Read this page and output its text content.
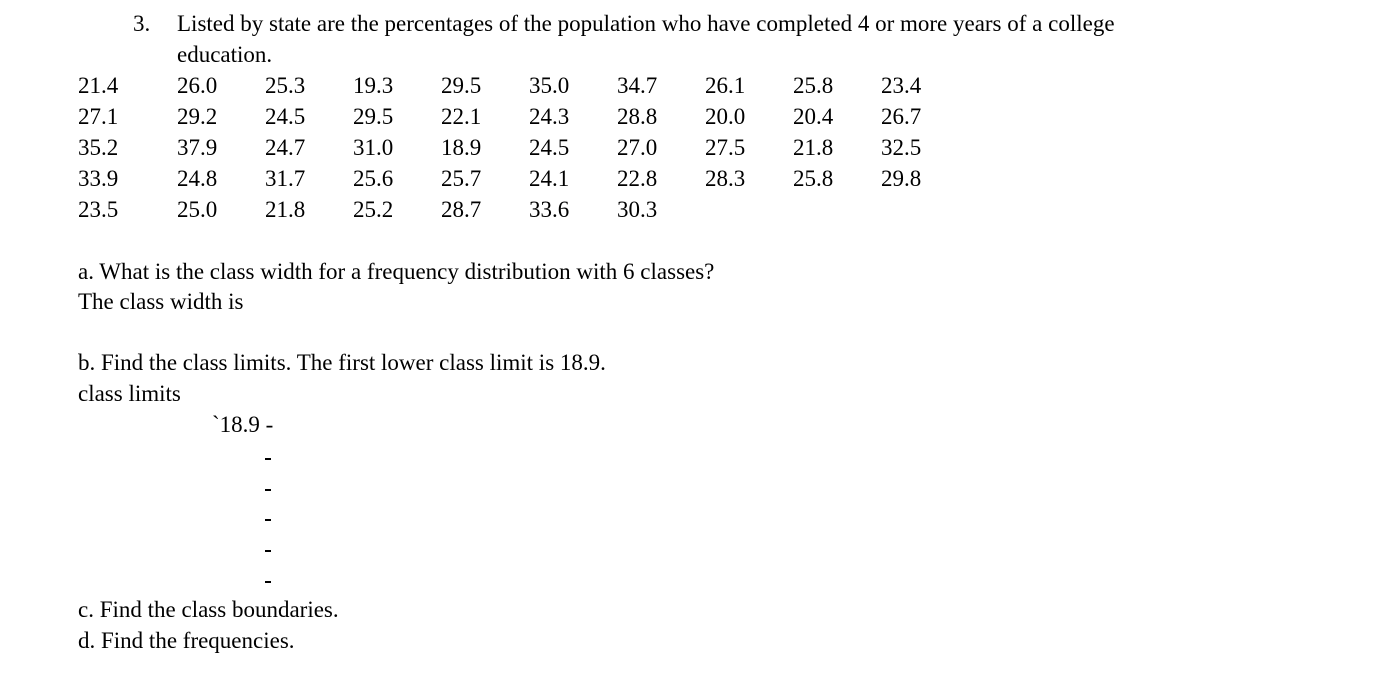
3. Listed by state are the percentages of the population who have completed 4 or more years of a college
education.
21.4	26.0	25.3	19.3	29.5	35.0	34.7	26.1	25.8	23.4
27.1	29.2	24.5	29.5	22.1	24.3	28.8	20.0	20.4	26.7
35.2	37.9	24.7	31.0	18.9	24.5	27.0	27.5	21.8	32.5
33.9	24.8	31.7	25.6	25.7	24.1	22.8	28.3	25.8	29.8
23.5	25.0	21.8	25.2	28.7	33.6	30.3			
a. What is the class width for a frequency distribution with 6 classes?
The class width is
b. Find the class limits. The first lower class limit is 18.9.
class limits
`18.9 -
c. Find the class boundaries.
d. Find the frequencies.
